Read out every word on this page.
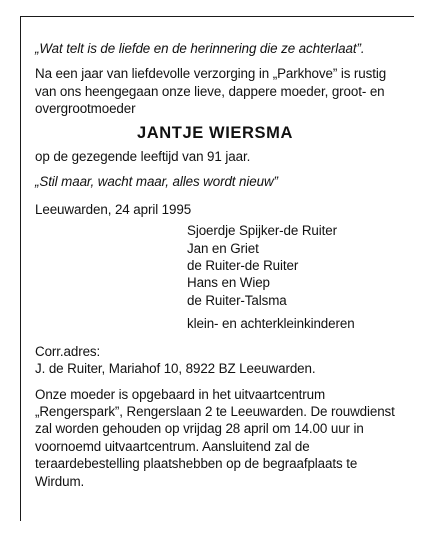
„Wat telt is de liefde en de herinnering die ze achterlaat”.

Na een jaar van liefdevolle verzorging in „Parkhove” is rustig van ons heengegaan onze lieve, dappere moeder, groot- en overgrootmoeder

JANTJE WIERSMA

op de gezegende leeftijd van 91 jaar.

„Stil maar, wacht maar, alles wordt nieuw”

Leeuwarden, 24 april 1995

Sjoerdje Spijker-de Ruiter
Jan en Griet
de Ruiter-de Ruiter
Hans en Wiep
de Ruiter-Talsma
klein- en achterkleinkinderen

Corr.adres:

J. de Ruiter, Mariahof 10, 8922 BZ Leeuwarden.

Onze moeder is opgebaard in het uitvaartcentrum „Rengerspark”, Rengerslaan 2 te Leeuwarden. De rouwdienst zal worden gehouden op vrijdag 28 april om 14.00 uur in voornoemd uitvaartcentrum. Aansluitend zal de teraardebestelling plaatshebben op de begraafplaats te Wirdum.
